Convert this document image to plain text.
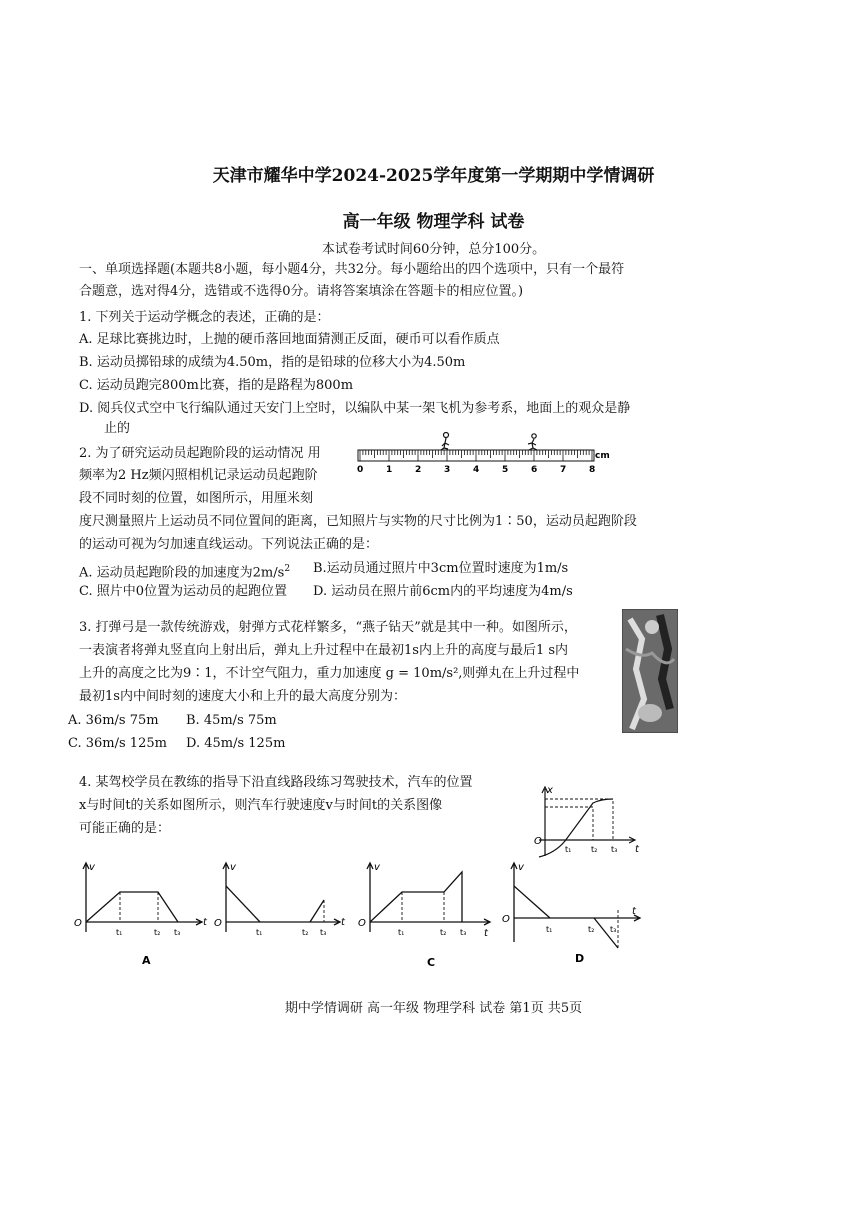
天津市耀华中学2024-2025学年度第一学期期中学情调研
高一年级 物理学科 试卷
本试卷考试时间60分钟，总分100分。
一、单项选择题(本题共8小题，每小题4分，共32分。每小题给出的四个选项中，只有一个最符
合题意，选对得4分，选错或不选得0分。请将答案填涂在答题卡的相应位置。)
1. 下列关于运动学概念的表述，正确的是：
A. 足球比赛挑边时，上抛的硬币落回地面猜测正反面，硬币可以看作质点
B. 运动员掷铅球的成绩为4.50m，指的是铅球的位移大小为4.50m
C. 运动员跑完800m比赛，指的是路程为800m
D. 阅兵仪式空中飞行编队通过天安门上空时，以编队中某一架飞机为参考系，地面上的观众是静
止的
2. 为了研究运动员起跑阶段的运动情况 用
频率为2 Hz频闪照相机记录运动员起跑阶
段不同时刻的位置，如图所示，用厘米刻
度尺测量照片上运动员不同位置间的距离，已知照片与实物的尺寸比例为1∶50，运动员起跑阶段
的运动可视为匀加速直线运动。下列说法正确的是：
A. 运动员起跑阶段的加速度为$2m/s^2$ B.运动员通过照片中3cm位置时速度为1m/s
C. 照片中0位置为运动员的起跑位置 D. 运动员在照片前6cm内的平均速度为4m/s
0	1	2	3	4	5	6	7	8
cm
3. 打弹弓是一款传统游戏，射弹方式花样繁多，“燕子钻天”就是其中一种。如图所示，
一表演者将弹丸竖直向上射出后，弹丸上升过程中在最初1s内上升的高度与最后1 s内
上升的高度之比为9∶1，不计空气阻力，重力加速度 g = 10m/s²,则弹丸在上升过程中
最初1s内中间时刻的速度大小和上升的最大高度分别为：
A. 36m/s 75m B. 45m/s 75m
C. 36m/s 125m D. 45m/s 125m
4. 某驾校学员在教练的指导下沿直线路段练习驾驶技术，汽车的位置
x与时间t的关系如图所示，则汽车行驶速度v与时间t的关系图像
可能正确的是：
x
O
t₁ t₂ t₃ t
v
O
t₁	t₂ t₃
t
A
v
O
t₁	t₂ t₃
t
v
O
t₁	t₂ t₃ t
C
v
O
t₁	t₂ t₃
t
D
期中学情调研 高一年级 物理学科 试卷 第1页 共5页
